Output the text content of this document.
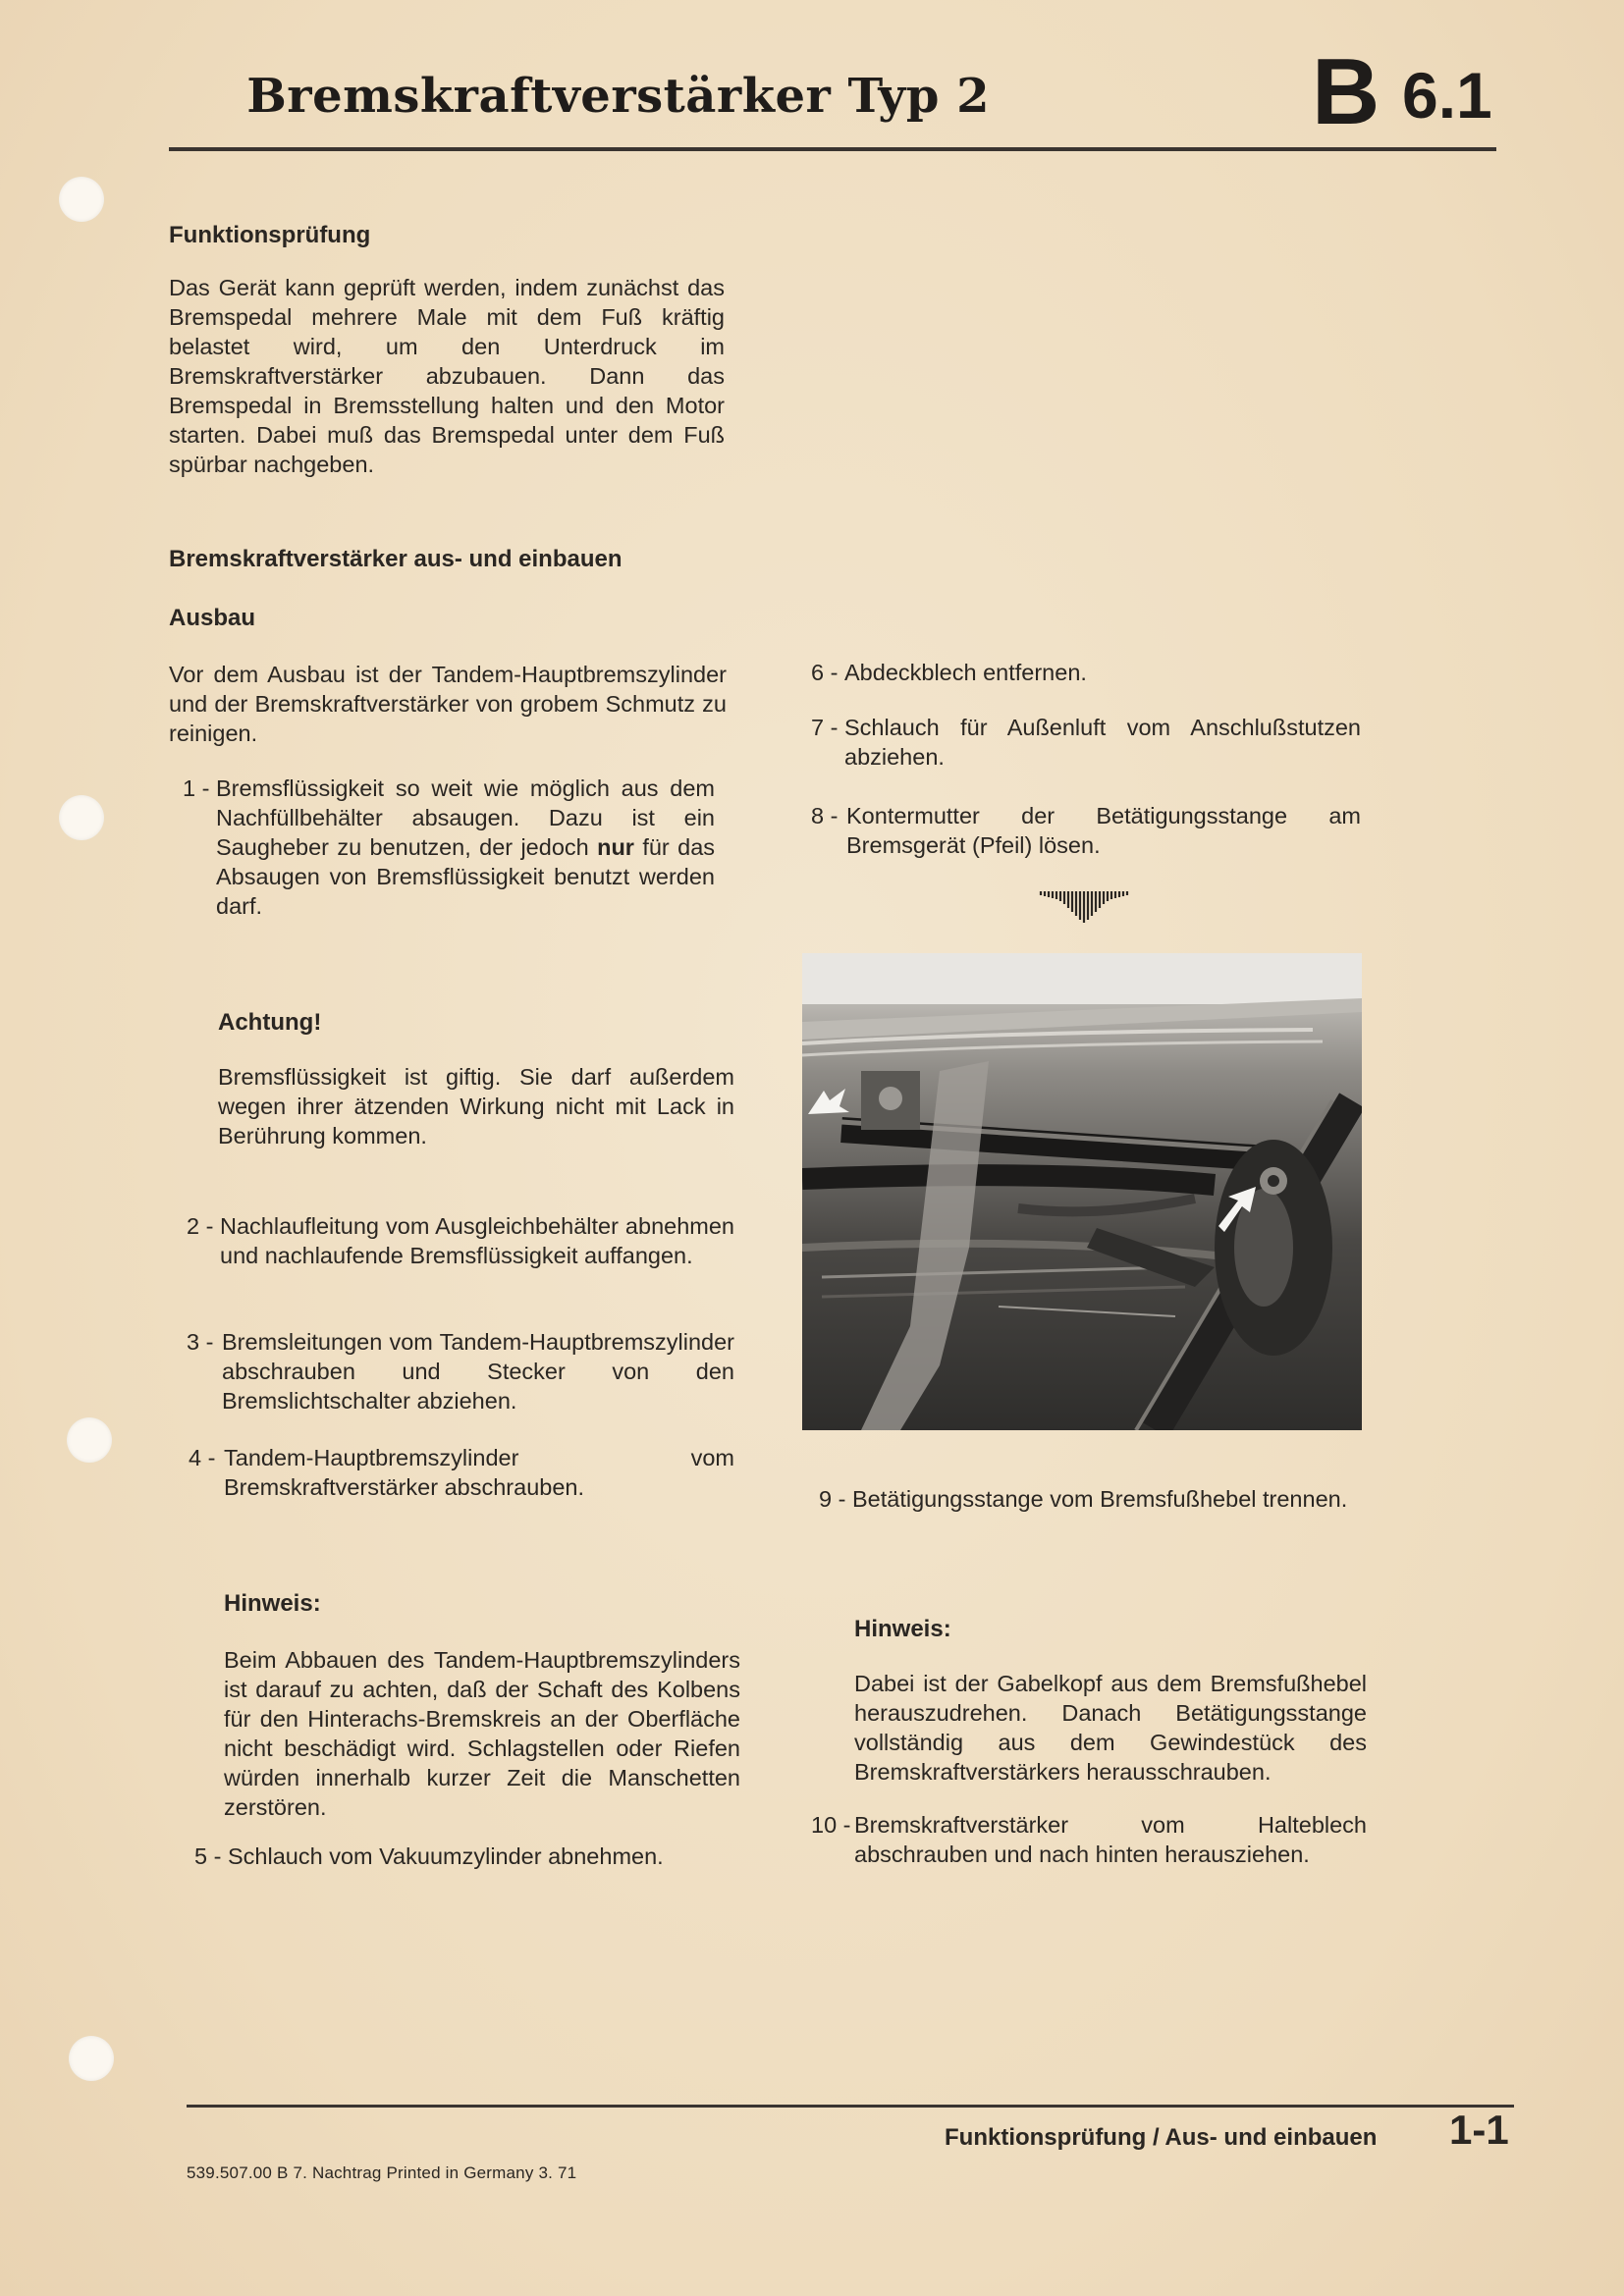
Bremskraftverstärker Typ 2	B 6.1
Funktionsprüfung
Das Gerät kann geprüft werden, indem zunächst das Bremspedal mehrere Male mit dem Fuß kräftig belastet wird, um den Unterdruck im Bremskraftverstärker abzubauen. Dann das Bremspedal in Bremsstellung halten und den Motor starten. Dabei muß das Bremspedal unter dem Fuß spürbar nachgeben.
Bremskraftverstärker aus- und einbauen
Ausbau
Vor dem Ausbau ist der Tandem-Hauptbremszylinder und der Bremskraftverstärker von grobem Schmutz zu reinigen.
1 - Bremsflüssigkeit so weit wie möglich aus dem Nachfüllbehälter absaugen. Dazu ist ein Saugheber zu benutzen, der jedoch nur für das Absaugen von Bremsflüssigkeit benutzt werden darf.
Achtung!
Bremsflüssigkeit ist giftig. Sie darf außerdem wegen ihrer ätzenden Wirkung nicht mit Lack in Berührung kommen.
2 - Nachlaufleitung vom Ausgleichbehälter abnehmen und nachlaufende Bremsflüssigkeit auffangen.
3 - Bremsleitungen vom Tandem-Hauptbremszylinder abschrauben und Stecker von den Bremslichtschalter abziehen.
4 - Tandem-Hauptbremszylinder vom Bremskraftverstärker abschrauben.
Hinweis:
Beim Abbauen des Tandem-Hauptbremszylinders ist darauf zu achten, daß der Schaft des Kolbens für den Hinterachs-Bremskreis an der Oberfläche nicht beschädigt wird. Schlagstellen oder Riefen würden innerhalb kurzer Zeit die Manschetten zerstören.
5 - Schlauch vom Vakuumzylinder abnehmen.
6 - Abdeckblech entfernen.
7 - Schlauch für Außenluft vom Anschlußstutzen abziehen.
8 - Kontermutter der Betätigungsstange am Bremsgerät (Pfeil) lösen.
9 - Betätigungsstange vom Bremsfußhebel trennen.
Hinweis:
Dabei ist der Gabelkopf aus dem Bremsfußhebel herauszudrehen. Danach Betätigungsstange vollständig aus dem Gewindestück des Bremskraftverstärkers herausschrauben.
10 - Bremskraftverstärker vom Halteblech abschrauben und nach hinten herausziehen.
Funktionsprüfung / Aus- und einbauen 1-1
539.507.00 B 7. Nachtrag Printed in Germany 3. 71
